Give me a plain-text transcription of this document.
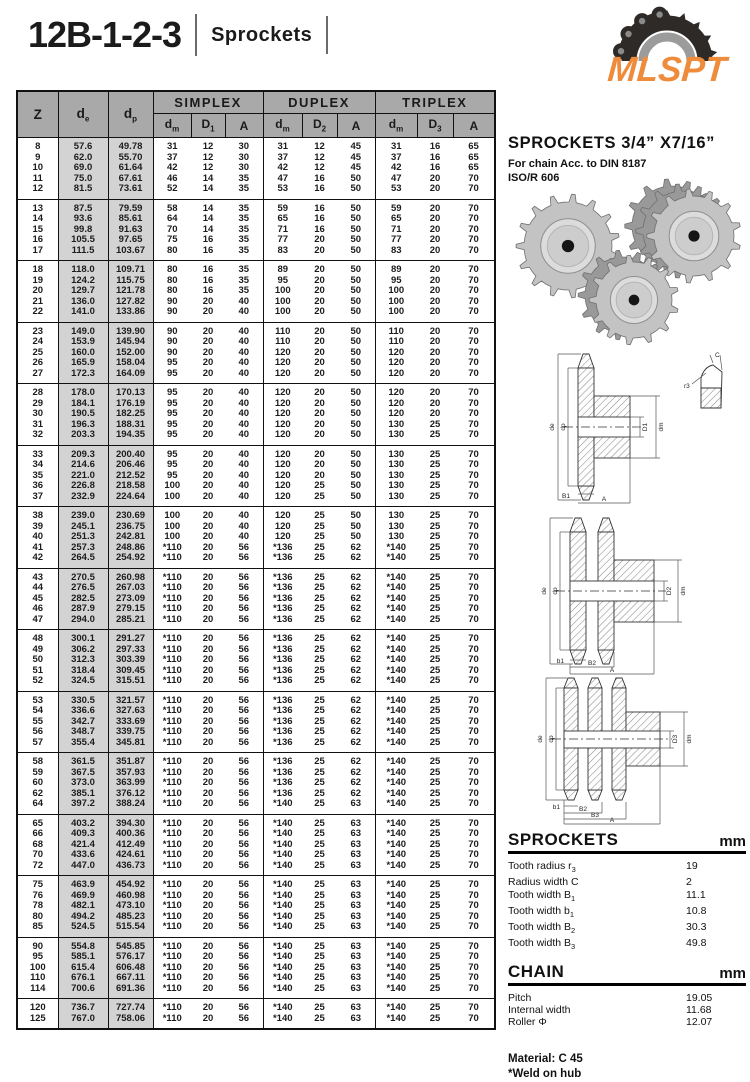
12B-1-2-3 Sprockets
MLSPT
Z	$d_e$	$d_p$	SIMPLEX			DUPLEX			TRIPLEX		
			$d_m$	$D_1$	A	$d_m$	$D_2$	A	$d_m$	$D_3$	A
8	57.6	49.78	31	12	30	31	12	45	31	16	65
9	62.0	55.70	37	12	30	37	12	45	37	16	65
10	69.0	61.64	42	12	30	42	12	45	42	16	65
11	75.0	67.61	46	14	35	47	16	50	47	20	70
12	81.5	73.61	52	14	35	53	16	50	53	20	70
13	87.5	79.59	58	14	35	59	16	50	59	20	70
14	93.6	85.61	64	14	35	65	16	50	65	20	70
15	99.8	91.63	70	14	35	71	16	50	71	20	70
16	105.5	97.65	75	16	35	77	20	50	77	20	70
17	111.5	103.67	80	16	35	83	20	50	83	20	70
18	118.0	109.71	80	16	35	89	20	50	89	20	70
19	124.2	115.75	80	16	35	95	20	50	95	20	70
20	129.7	121.78	80	16	35	100	20	50	100	20	70
21	136.0	127.82	90	20	40	100	20	50	100	20	70
22	141.0	133.86	90	20	40	100	20	50	100	20	70
23	149.0	139.90	90	20	40	110	20	50	110	20	70
24	153.9	145.94	90	20	40	110	20	50	110	20	70
25	160.0	152.00	90	20	40	120	20	50	120	20	70
26	165.9	158.04	95	20	40	120	20	50	120	20	70
27	172.3	164.09	95	20	40	120	20	50	120	20	70
28	178.0	170.13	95	20	40	120	20	50	120	20	70
29	184.1	176.19	95	20	40	120	20	50	120	20	70
30	190.5	182.25	95	20	40	120	20	50	120	20	70
31	196.3	188.31	95	20	40	120	20	50	130	25	70
32	203.3	194.35	95	20	40	120	20	50	130	25	70
33	209.3	200.40	95	20	40	120	20	50	130	25	70
34	214.6	206.46	95	20	40	120	20	50	130	25	70
35	221.0	212.52	95	20	40	120	20	50	130	25	70
36	226.8	218.58	100	20	40	120	25	50	130	25	70
37	232.9	224.64	100	20	40	120	25	50	130	25	70
38	239.0	230.69	100	20	40	120	25	50	130	25	70
39	245.1	236.75	100	20	40	120	25	50	130	25	70
40	251.3	242.81	100	20	40	120	25	50	130	25	70
41	257.3	248.86	*110	20	56	*136	25	62	*140	25	70
42	264.5	254.92	*110	20	56	*136	25	62	*140	25	70
43	270.5	260.98	*110	20	56	*136	25	62	*140	25	70
44	276.5	267.03	*110	20	56	*136	25	62	*140	25	70
45	282.5	273.09	*110	20	56	*136	25	62	*140	25	70
46	287.9	279.15	*110	20	56	*136	25	62	*140	25	70
47	294.0	285.21	*110	20	56	*136	25	62	*140	25	70
48	300.1	291.27	*110	20	56	*136	25	62	*140	25	70
49	306.2	297.33	*110	20	56	*136	25	62	*140	25	70
50	312.3	303.39	*110	20	56	*136	25	62	*140	25	70
51	318.4	309.45	*110	20	56	*136	25	62	*140	25	70
52	324.5	315.51	*110	20	56	*136	25	62	*140	25	70
53	330.5	321.57	*110	20	56	*136	25	62	*140	25	70
54	336.6	327.63	*110	20	56	*136	25	62	*140	25	70
55	342.7	333.69	*110	20	56	*136	25	62	*140	25	70
56	348.7	339.75	*110	20	56	*136	25	62	*140	25	70
57	355.4	345.81	*110	20	56	*136	25	62	*140	25	70
58	361.5	351.87	*110	20	56	*136	25	62	*140	25	70
59	367.5	357.93	*110	20	56	*136	25	62	*140	25	70
60	373.0	363.99	*110	20	56	*136	25	62	*140	25	70
62	385.1	376.12	*110	20	56	*136	25	62	*140	25	70
64	397.2	388.24	*110	20	56	*140	25	63	*140	25	70
65	403.2	394.30	*110	20	56	*140	25	63	*140	25	70
66	409.3	400.36	*110	20	56	*140	25	63	*140	25	70
68	421.4	412.49	*110	20	56	*140	25	63	*140	25	70
70	433.6	424.61	*110	20	56	*140	25	63	*140	25	70
72	447.0	436.73	*110	20	56	*140	25	63	*140	25	70
75	463.9	454.92	*110	20	56	*140	25	63	*140	25	70
76	469.9	460.98	*110	20	56	*140	25	63	*140	25	70
78	482.1	473.10	*110	20	56	*140	25	63	*140	25	70
80	494.2	485.23	*110	20	56	*140	25	63	*140	25	70
85	524.5	515.54	*110	20	56	*140	25	63	*140	25	70
90	554.8	545.85	*110	20	56	*140	25	63	*140	25	70
95	585.1	576.17	*110	20	56	*140	25	63	*140	25	70
100	615.4	606.48	*110	20	56	*140	25	63	*140	25	70
110	676.1	667.11	*110	20	56	*140	25	63	*140	25	70
114	700.6	691.36	*110	20	56	*140	25	63	*140	25	70
120	736.7	727.74	*110	20	56	*140	25	63	*140	25	70
125	767.0	758.06	*110	20	56	*140	25	63	*140	25	70
SPROCKETS 3/4” X7/16”
For chain Acc. to DIN 8187
ISO/R 606
de dp	D1 dm
B1	A
C
r3
de dp	D2 dm
b1	B2
A
de dp	D3 dm
b1	B2
B3
A
SPROCKETS	mm
Tooth radius $r_3$	19
Radius width C	2
Tooth width $B_1$	11.1
Tooth width $b_1$	10.8
Tooth width $B_2$	30.3
Tooth width $B_3$	49.8
CHAIN	mm
Pitch	19.05
Internal width	11.68
Roller Φ	12.07
Material: C 45
*Weld on hub
